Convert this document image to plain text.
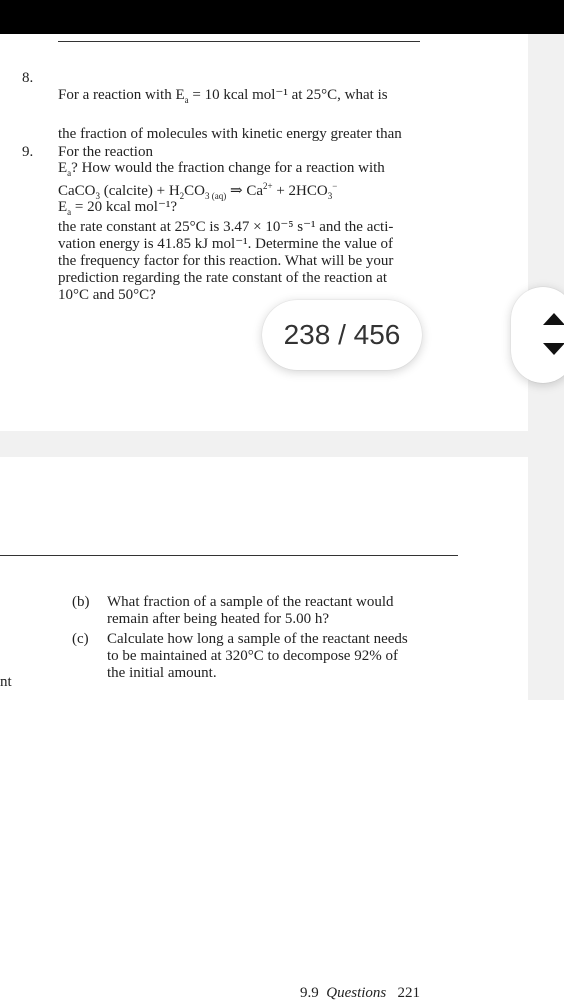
8.

For a reaction with $E_a = 10$ kcal mol⁻¹ at 25°C, what is

the fraction of molecules with kinetic energy greater than

$E_a$? How would the fraction change for a reaction with

$E_a = 20$ kcal mol⁻¹?

9. For the reaction
CaCO$_3$ (calcite) + $H_2CO_{3 (aq)}$ ⇒ $Ca^{2+} + 2HCO_3^-$
the rate constant at 25°C is 3.47 × 10⁻⁵ s⁻¹ and the acti-
vation energy is 41.85 kJ mol⁻¹. Determine the value of
the frequency factor for this reaction. What will be your
prediction regarding the rate constant of the reaction at
10°C and 50°C?
9.9 Questions 221
(b) What fraction of a sample of the reactant would
remain after being heated for 5.00 h?
(c) Calculate how long a sample of the reactant needs
to be maintained at 320°C to decompose 92% of
the initial amount.
nt
238 / 456
